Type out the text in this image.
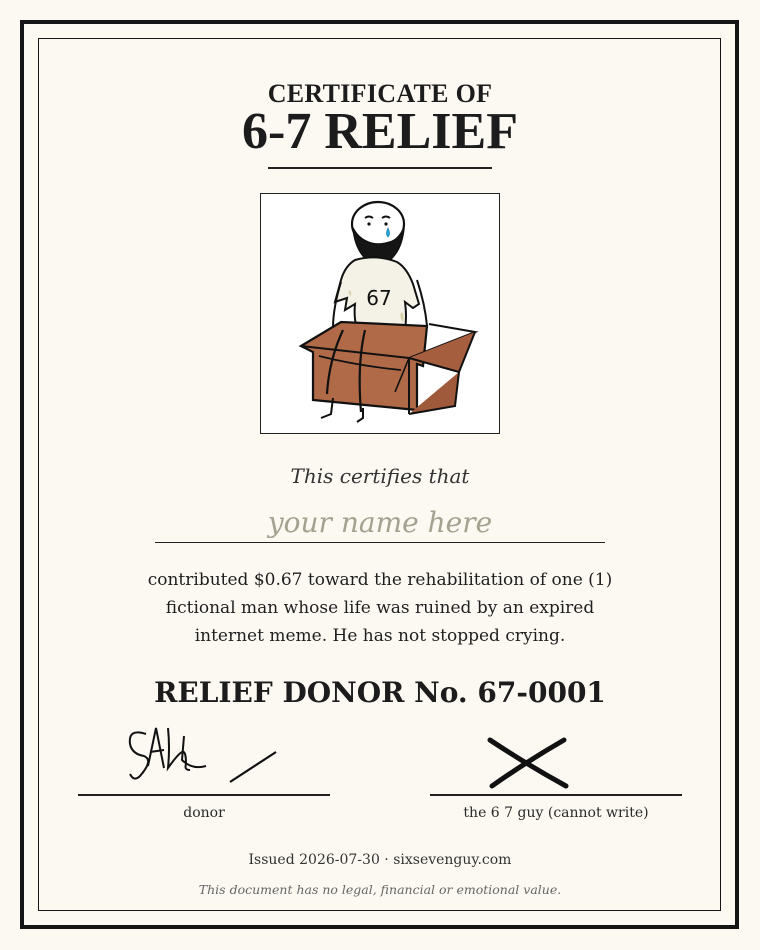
CERTIFICATE OF
6-7 RELIEF
67
This certifies that
your name here
contributed $0.67 toward the rehabilitation of one (1)
fictional man whose life was ruined by an expired
internet meme. He has not stopped crying.
RELIEF DONOR No. 67-0001
donor	the 6 7 guy (cannot write)
Issued 2026-07-30 · sixsevenguy.com
This document has no legal, financial or emotional value.
